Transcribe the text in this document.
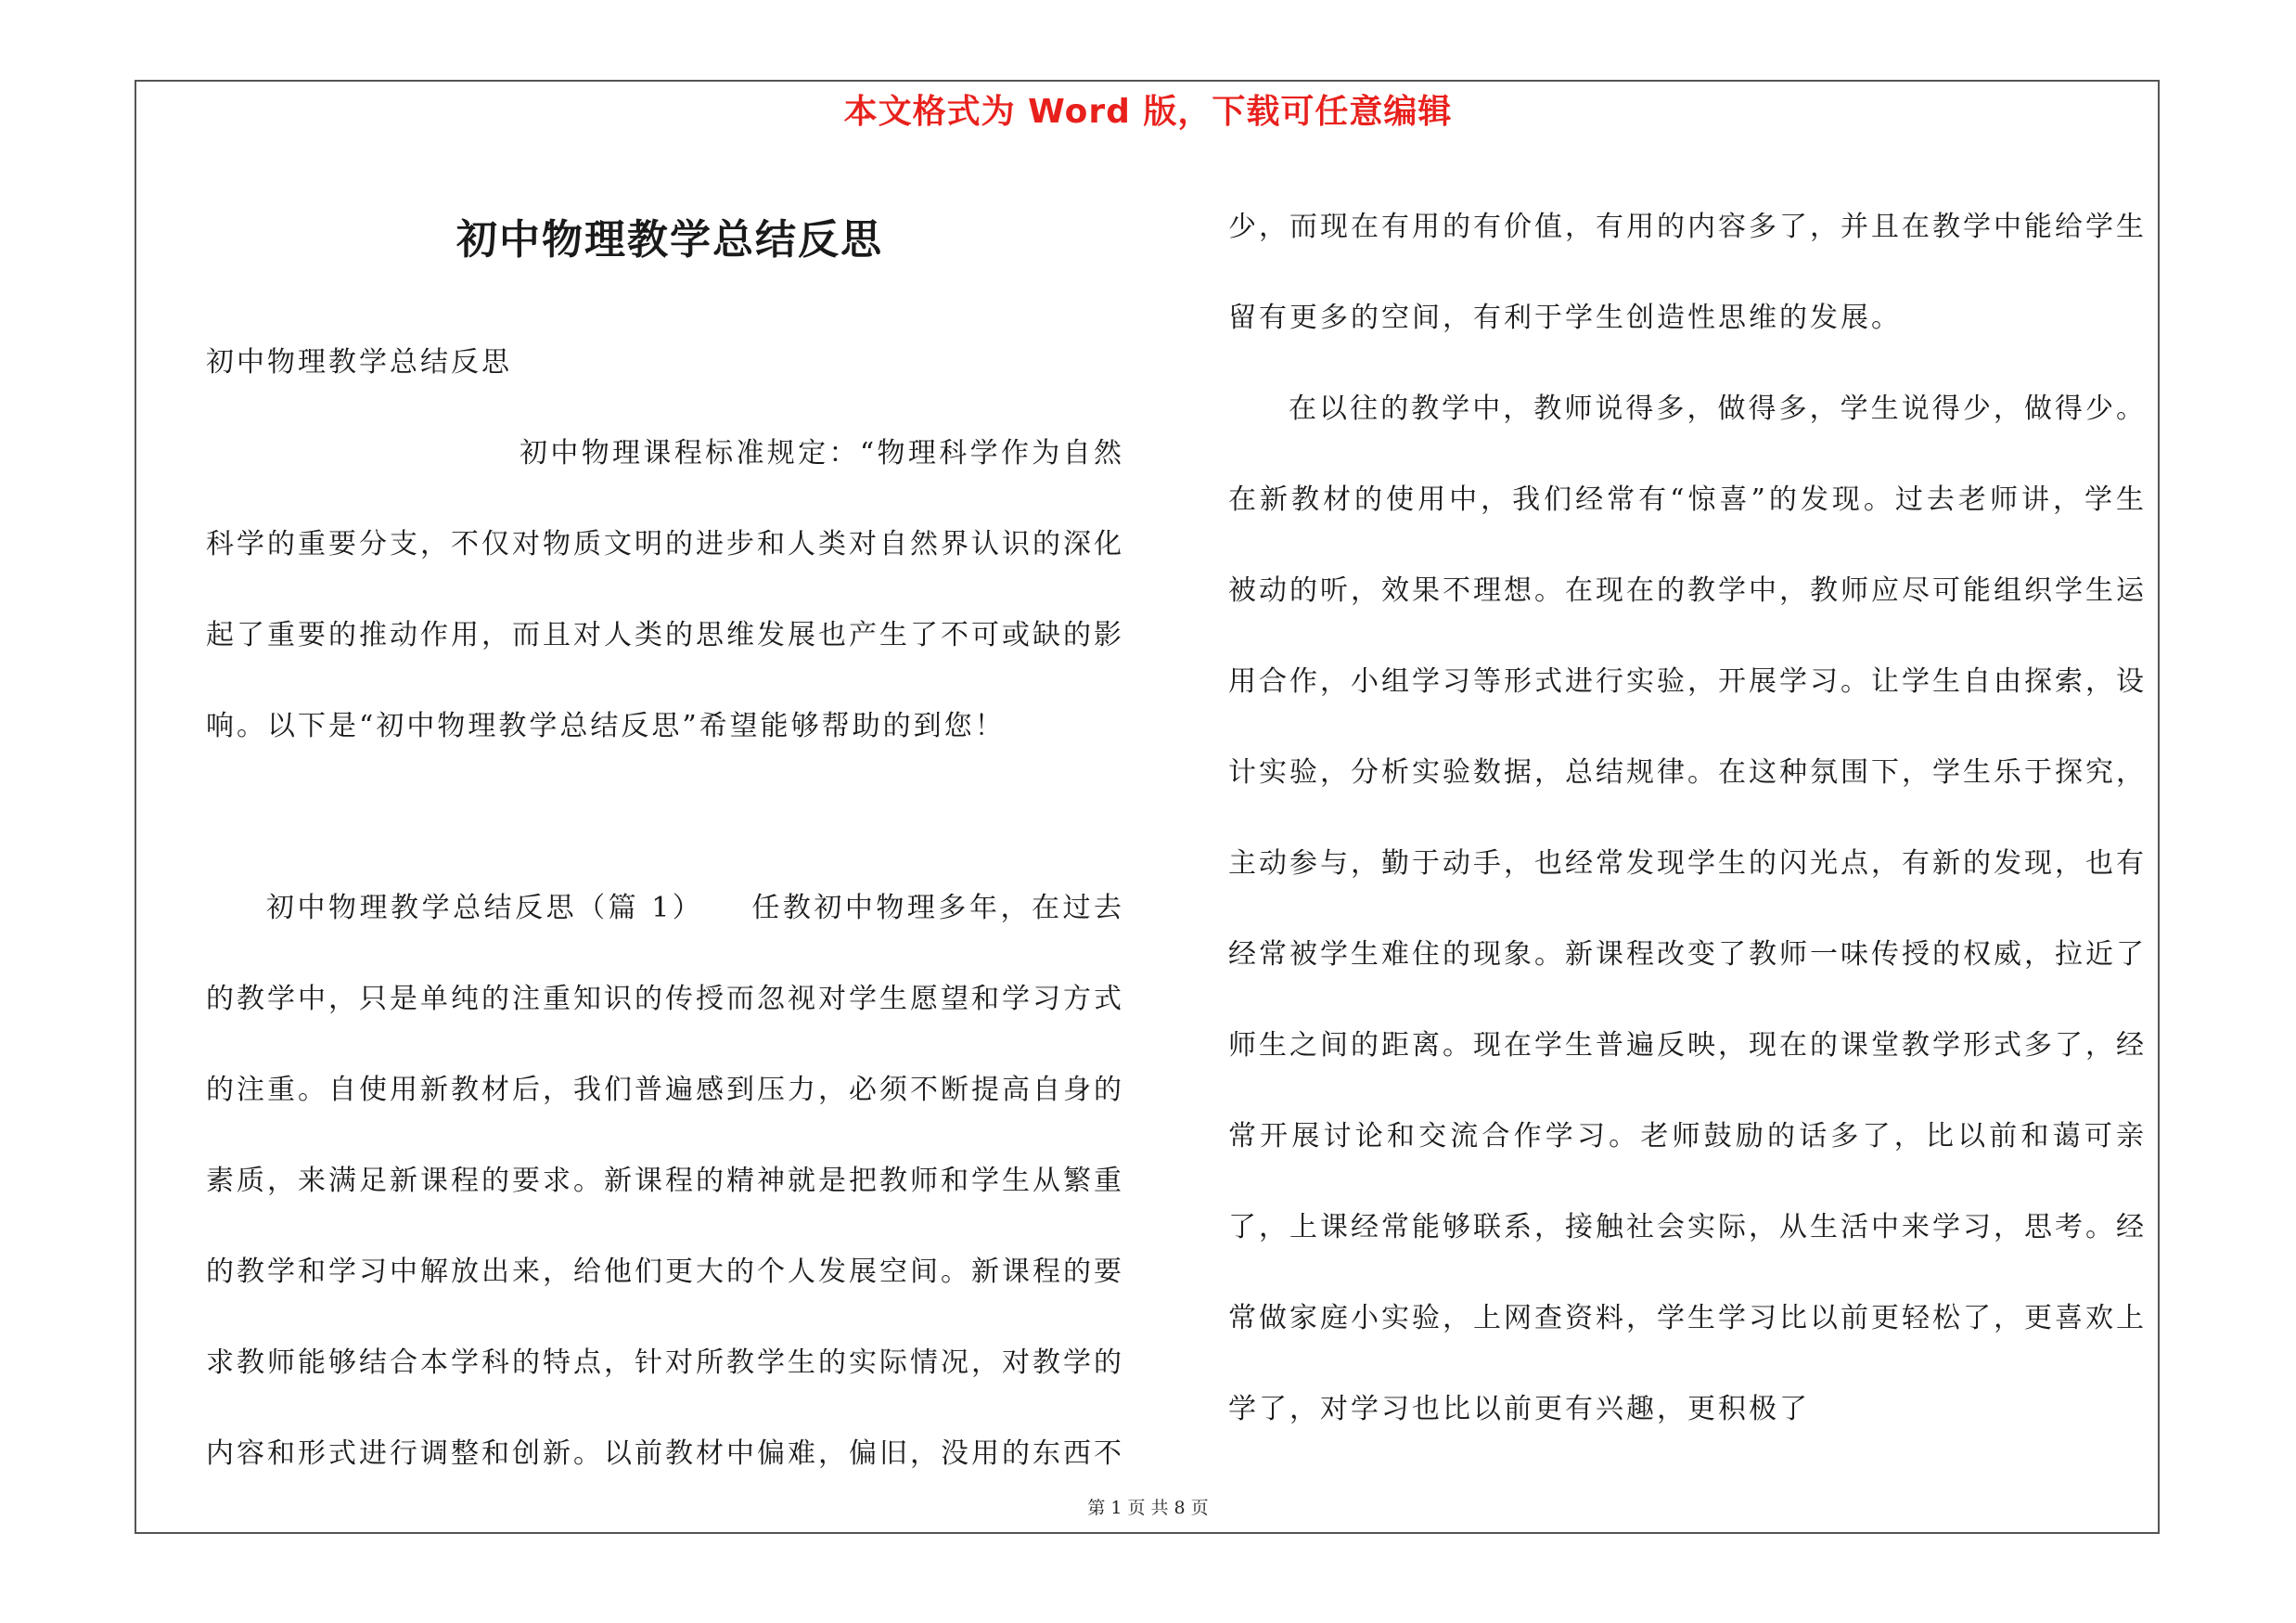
本文格式为 Word 版，下载可任意编辑
初中物理教学总结反思

初中物理教学总结反思

初中物理课程标准规定：“物理科学作为自然科学的重要分支，不仅对物质文明的进步和人类对自然界认识的深化起了重要的推动作用，而且对人类的思维发展也产生了不可或缺的影响。以下是“初中物理教学总结反思”希望能够帮助的到您！

初中物理教学总结反思（篇 1）　　任教初中物理多年，在过去的教学中，只是单纯的注重知识的传授而忽视对学生愿望和学习方式的注重。自使用新教材后，我们普遍感到压力，必须不断提高自身的素质，来满足新课程的要求。新课程的精神就是把教师和学生从繁重的教学和学习中解放出来，给他们更大的个人发展空间。新课程的要求教师能够结合本学科的特点，针对所教学生的实际情况，对教学的内容和形式进行调整和创新。以前教材中偏难，偏旧，没用的东西不

少，而现在有用的有价值，有用的内容多了，并且在教学中能给学生留有更多的空间，有利于学生创造性思维的发展。

在以往的教学中，教师说得多，做得多，学生说得少，做得少。在新教材的使用中，我们经常有“惊喜”的发现。过去老师讲，学生被动的听，效果不理想。在现在的教学中，教师应尽可能组织学生运用合作，小组学习等形式进行实验，开展学习。让学生自由探索，设计实验，分析实验数据，总结规律。在这种氛围下，学生乐于探究，主动参与，勤于动手，也经常发现学生的闪光点，有新的发现，也有经常被学生难住的现象。新课程改变了教师一味传授的权威，拉近了师生之间的距离。现在学生普遍反映，现在的课堂教学形式多了，经常开展讨论和交流合作学习。老师鼓励的话多了，比以前和蔼可亲了，上课经常能够联系，接触社会实际，从生活中来学习，思考。经常做家庭小实验，上网查资料，学生学习比以前更轻松了，更喜欢上学了，对学习也比以前更有兴趣，更积极了

第 1 页 共 8 页
